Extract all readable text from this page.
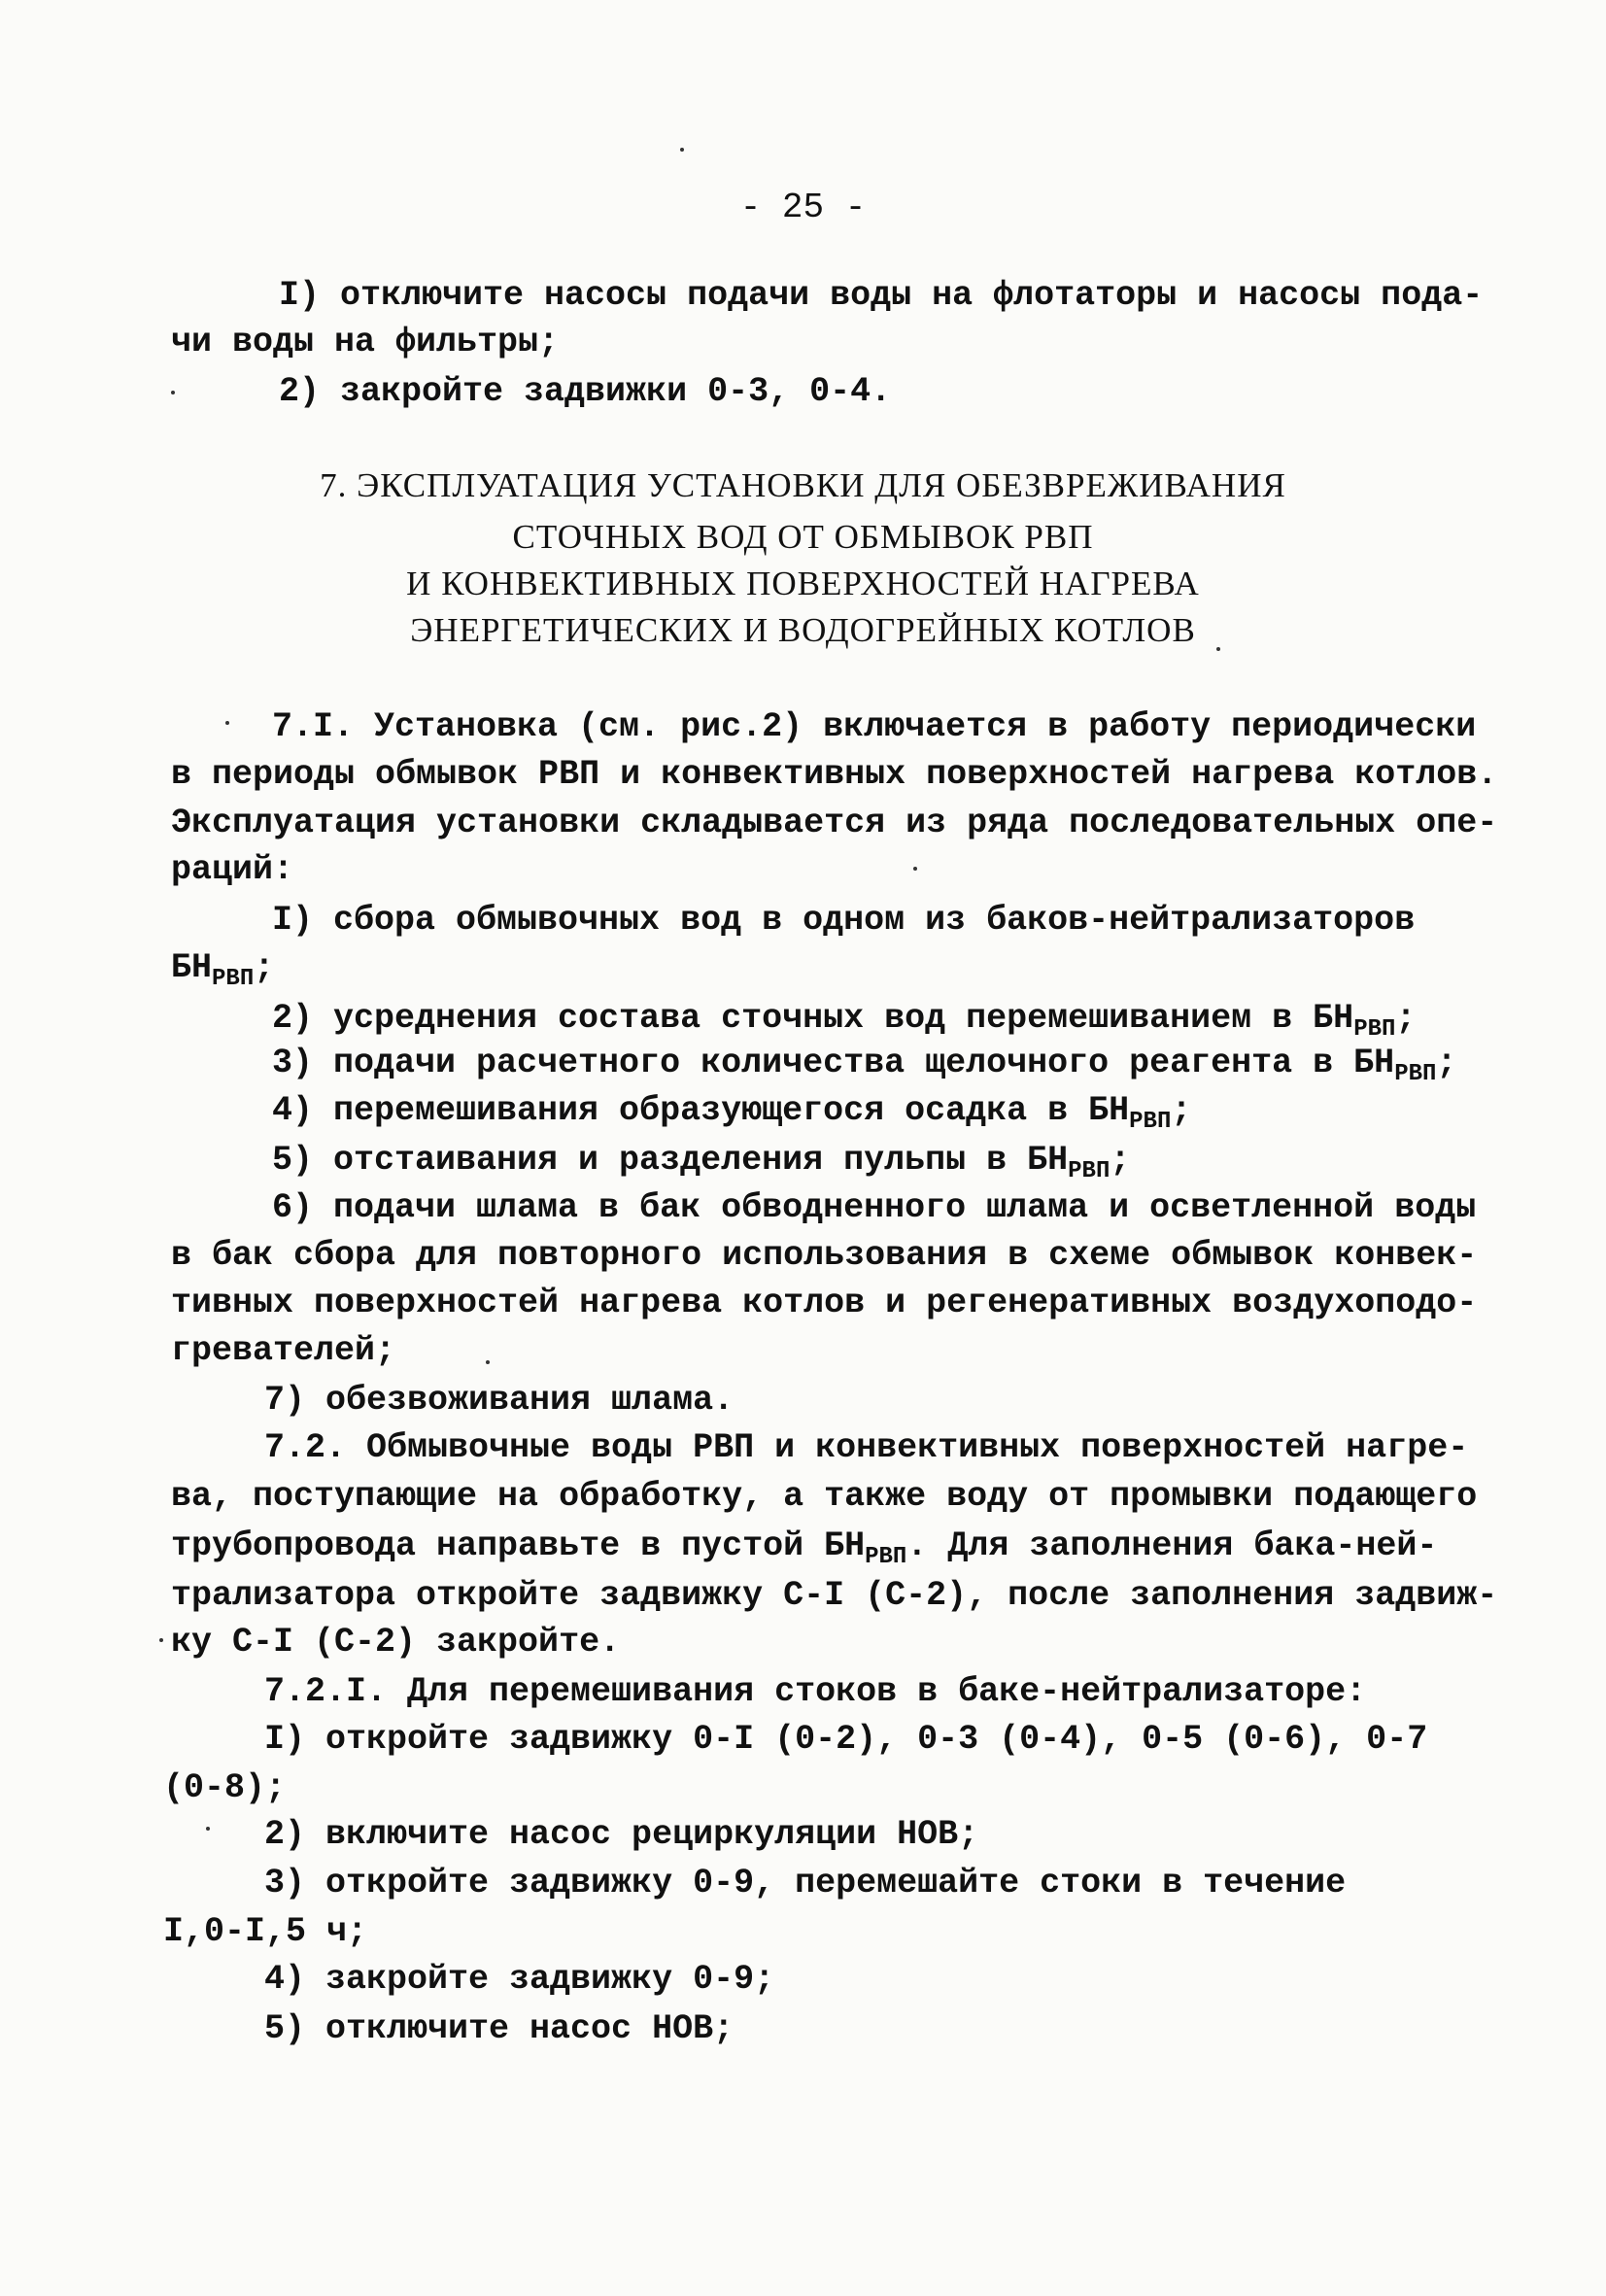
- 25 -
I) отключите насосы подачи воды на флотаторы и насосы пода-
чи воды на фильтры;
2) закройте задвижки 0-3, 0-4.
7. ЭКСПЛУАТАЦИЯ УСТАНОВКИ ДЛЯ ОБЕЗВРЕЖИВАНИЯ
СТОЧНЫХ ВОД ОТ ОБМЫВОК РВП
И КОНВЕКТИВНЫХ ПОВЕРХНОСТЕЙ НАГРЕВА
ЭНЕРГЕТИЧЕСКИХ И ВОДОГРЕЙНЫХ КОТЛОВ
7.I. Установка (см. рис.2) включается в работу периодически
в периоды обмывок РВП и конвективных поверхностей нагрева котлов.
Эксплуатация установки складывается из ряда последовательных опе-
раций:
I) сбора обмывочных вод в одном из баков-нейтрализаторов
$БН_{РВП}$;
2) усреднения состава сточных вод перемешиванием в $БН_{РВП}$;
3) подачи расчетного количества щелочного реагента в $БН_{РВП}$;
4) перемешивания образующегося осадка в $БН_{РВП}$;
5) отстаивания и разделения пульпы в $БН_{РВП}$;
6) подачи шлама в бак обводненного шлама и осветленной воды
в бак сбора для повторного использования в схеме обмывок конвек-
тивных поверхностей нагрева котлов и регенеративных воздухоподо-
гревателей;
7) обезвоживания шлама.
7.2. Обмывочные воды РВП и конвективных поверхностей нагре-
ва, поступающие на обработку, а также воду от промывки подающего
трубопровода направьте в пустой $БН_{РВП}$. Для заполнения бака-ней-
трализатора откройте задвижку С-I (С-2), после заполнения задвиж-
ку С-I (С-2) закройте.
7.2.I. Для перемешивания стоков в баке-нейтрализаторе:
I) откройте задвижку 0-I (0-2), 0-3 (0-4), 0-5 (0-6), 0-7
(0-8);
2) включите насос рециркуляции НОВ;
3) откройте задвижку 0-9, перемешайте стоки в течение
I,0-I,5 ч;
4) закройте задвижку 0-9;
5) отключите насос НОВ;
